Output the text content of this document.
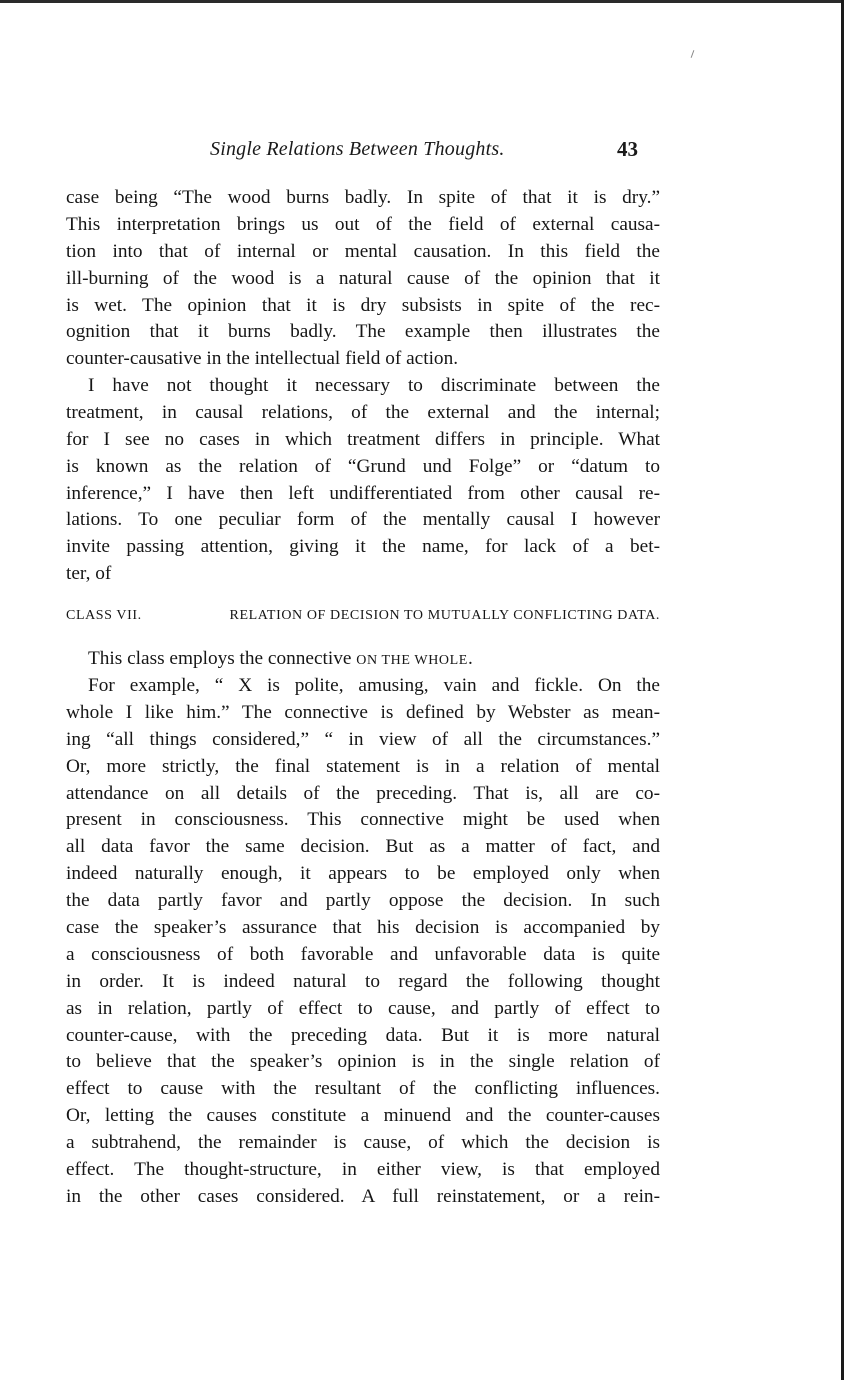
Single Relations Between Thoughts.	43
case being “The wood burns badly. In spite of that it is dry.”
This interpretation brings us out of the field of external causa-
tion into that of internal or mental causation. In this field the
ill-burning of the wood is a natural cause of the opinion that it
is wet. The opinion that it is dry subsists in spite of the rec-
ognition that it burns badly. The example then illustrates the
counter-causative in the intellectual field of action.
I have not thought it necessary to discriminate between the
treatment, in causal relations, of the external and the internal;
for I see no cases in which treatment differs in principle. What
is known as the relation of “Grund und Folge” or “datum to
inference,” I have then left undifferentiated from other causal re-
lations. To one peculiar form of the mentally causal I however
invite passing attention, giving it the name, for lack of a bet-
ter, of
CLASS VII.	RELATION OF DECISION TO MUTUALLY CONFLICTING DATA.
This class employs the connective ON THE WHOLE.
For example, “ X is polite, amusing, vain and fickle. On the
whole I like him.” The connective is defined by Webster as mean-
ing “all things considered,” “ in view of all the circumstances.”
Or, more strictly, the final statement is in a relation of mental
attendance on all details of the preceding. That is, all are co-
present in consciousness. This connective might be used when
all data favor the same decision. But as a matter of fact, and
indeed naturally enough, it appears to be employed only when
the data partly favor and partly oppose the decision. In such
case the speaker’s assurance that his decision is accompanied by
a consciousness of both favorable and unfavorable data is quite
in order. It is indeed natural to regard the following thought
as in relation, partly of effect to cause, and partly of effect to
counter-cause, with the preceding data. But it is more natural
to believe that the speaker’s opinion is in the single relation of
effect to cause with the resultant of the conflicting influences.
Or, letting the causes constitute a minuend and the counter-causes
a subtrahend, the remainder is cause, of which the decision is
effect. The thought-structure, in either view, is that employed
in the other cases considered. A full reinstatement, or a rein-
